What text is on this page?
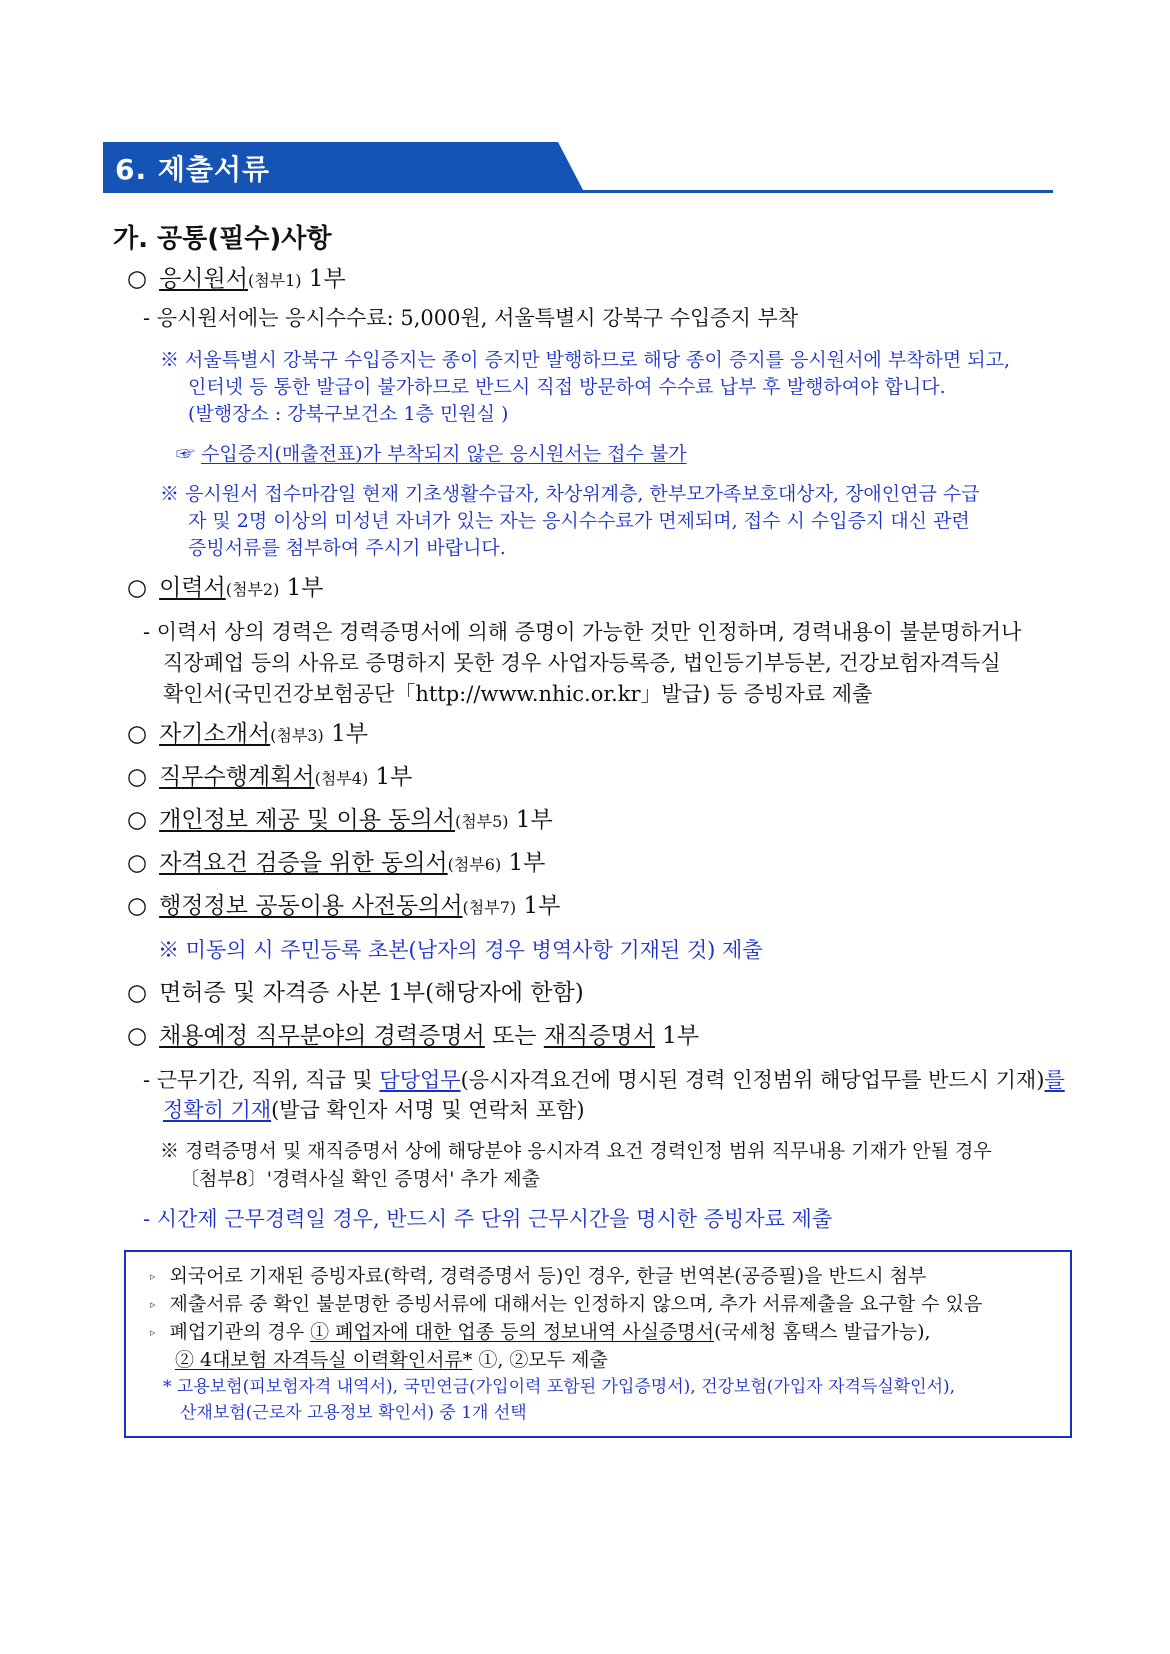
6. 제출서류
가. 공통(필수)사항
○ 응시원서(첨부1) 1부
- 응시원서에는 응시수수료: 5,000원, 서울특별시 강북구 수입증지 부착
※ 서울특별시 강북구 수입증지는 종이 증지만 발행하므로 해당 종이 증지를 응시원서에 부착하면 되고,
인터넷 등 통한 발급이 불가하므로 반드시 직접 방문하여 수수료 납부 후 발행하여야 합니다.
(발행장소 : 강북구보건소 1층 민원실 )
☞ 수입증지(매출전표)가 부착되지 않은 응시원서는 접수 불가
※ 응시원서 접수마감일 현재 기초생활수급자, 차상위계층, 한부모가족보호대상자, 장애인연금 수급
자 및 2명 이상의 미성년 자녀가 있는 자는 응시수수료가 면제되며, 접수 시 수입증지 대신 관련
증빙서류를 첨부하여 주시기 바랍니다.
○ 이력서(첨부2) 1부
- 이력서 상의 경력은 경력증명서에 의해 증명이 가능한 것만 인정하며, 경력내용이 불분명하거나
직장폐업 등의 사유로 증명하지 못한 경우 사업자등록증, 법인등기부등본, 건강보험자격득실
확인서(국민건강보험공단「http://www.nhic.or.kr」발급) 등 증빙자료 제출
○ 자기소개서(첨부3) 1부
○ 직무수행계획서(첨부4) 1부
○ 개인정보 제공 및 이용 동의서(첨부5) 1부
○ 자격요건 검증을 위한 동의서(첨부6) 1부
○ 행정정보 공동이용 사전동의서(첨부7) 1부
※ 미동의 시 주민등록 초본(남자의 경우 병역사항 기재된 것) 제출
○ 면허증 및 자격증 사본 1부(해당자에 한함)
○ 채용예정 직무분야의 경력증명서 또는 재직증명서 1부
- 근무기간, 직위, 직급 및 담당업무(응시자격요건에 명시된 경력 인정범위 해당업무를 반드시 기재)를
정확히 기재(발급 확인자 서명 및 연락처 포함)
※ 경력증명서 및 재직증명서 상에 해당분야 응시자격 요건 경력인정 범위 직무내용 기재가 안될 경우
〔첨부8〕'경력사실 확인 증명서' 추가 제출
- 시간제 근무경력일 경우, 반드시 주 단위 근무시간을 명시한 증빙자료 제출
▹ 외국어로 기재된 증빙자료(학력, 경력증명서 등)인 경우, 한글 번역본(공증필)을 반드시 첨부
▹ 제출서류 중 확인 불분명한 증빙서류에 대해서는 인정하지 않으며, 추가 서류제출을 요구할 수 있음
▹ 폐업기관의 경우 ① 폐업자에 대한 업종 등의 정보내역 사실증명서(국세청 홈택스 발급가능),
② 4대보험 자격득실 이력확인서류* ①, ②모두 제출
* 고용보험(피보험자격 내역서), 국민연금(가입이력 포함된 가입증명서), 건강보험(가입자 자격득실확인서),
산재보험(근로자 고용정보 확인서) 중 1개 선택
